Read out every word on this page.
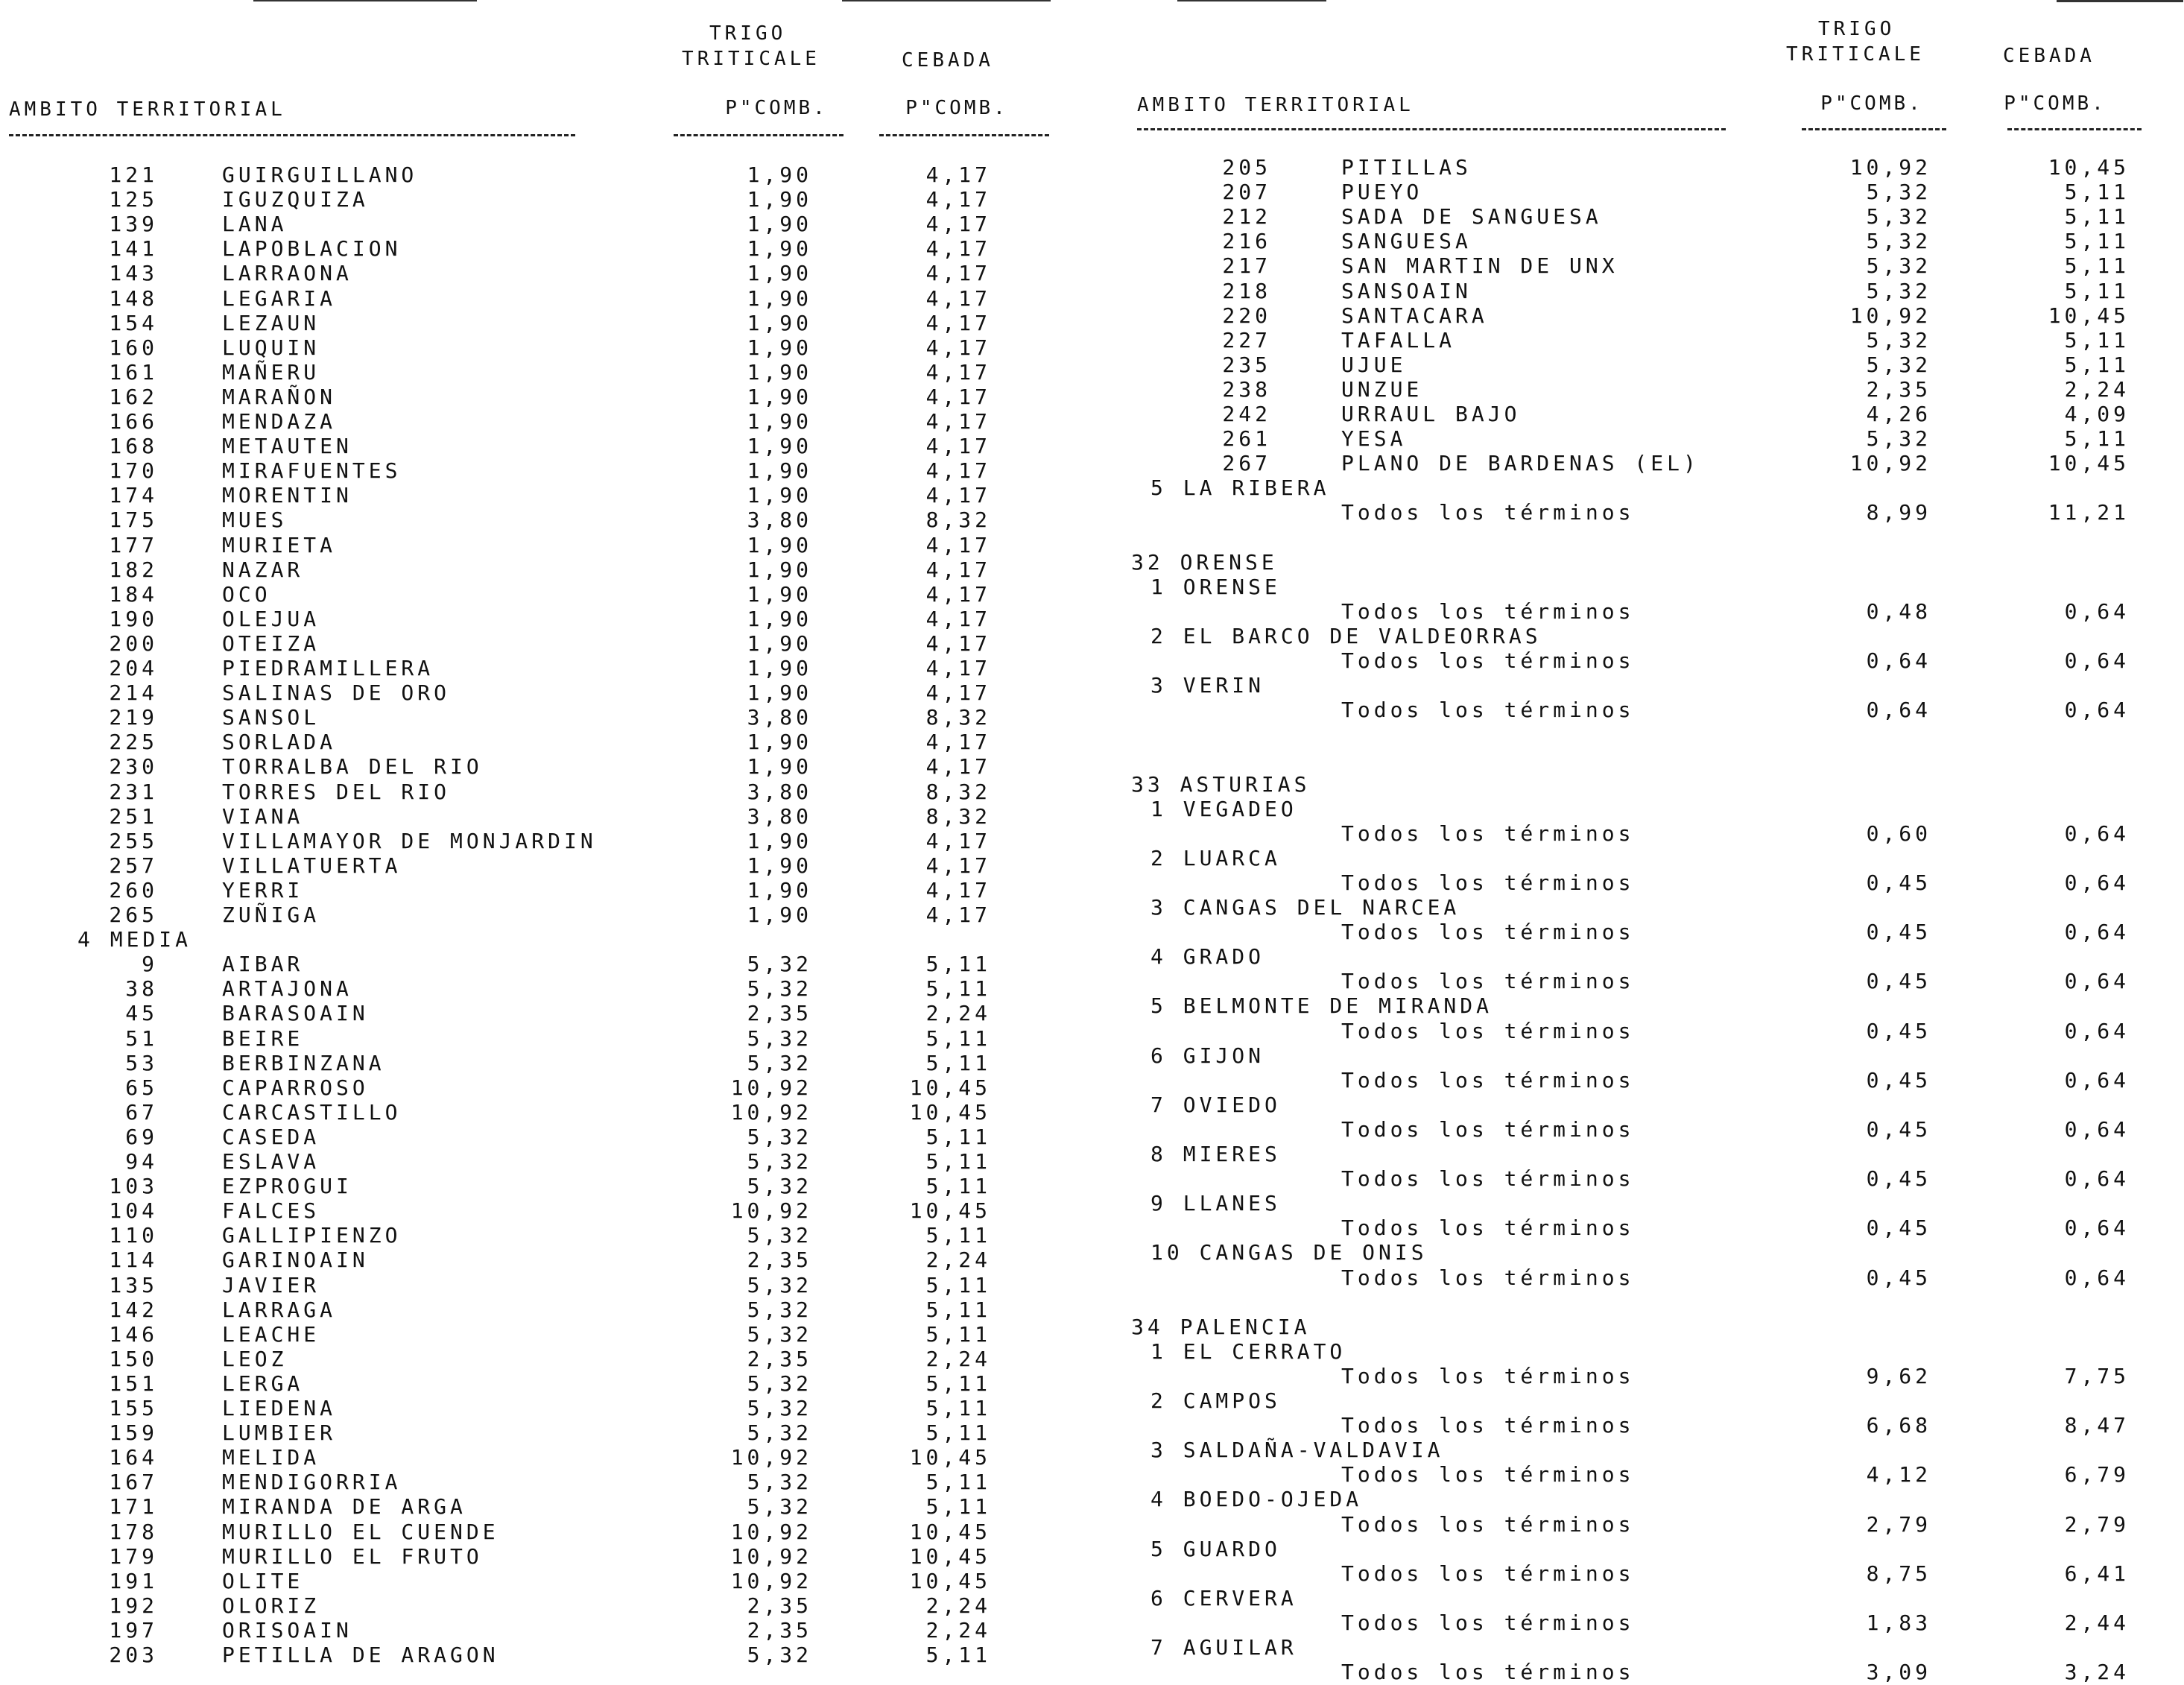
TRIGO
TRITICALE	CEBADA
AMBITO TERRITORIAL	P"COMB.	P"COMB.
121	GUIRGUILLANO	1,90	4,17
125	IGUZQUIZA	1,90	4,17
139	LANA	1,90	4,17
141	LAPOBLACION	1,90	4,17
143	LARRAONA	1,90	4,17
148	LEGARIA	1,90	4,17
154	LEZAUN	1,90	4,17
160	LUQUIN	1,90	4,17
161	MAÑERU	1,90	4,17
162	MARAÑON	1,90	4,17
166	MENDAZA	1,90	4,17
168	METAUTEN	1,90	4,17
170	MIRAFUENTES	1,90	4,17
174	MORENTIN	1,90	4,17
175	MUES	3,80	8,32
177	MURIETA	1,90	4,17
182	NAZAR	1,90	4,17
184	OCO	1,90	4,17
190	OLEJUA	1,90	4,17
200	OTEIZA	1,90	4,17
204	PIEDRAMILLERA	1,90	4,17
214	SALINAS DE ORO	1,90	4,17
219	SANSOL	3,80	8,32
225	SORLADA	1,90	4,17
230	TORRALBA DEL RIO	1,90	4,17
231	TORRES DEL RIO	3,80	8,32
251	VIANA	3,80	8,32
255	VILLAMAYOR DE MONJARDIN	1,90	4,17
257	VILLATUERTA	1,90	4,17
260	YERRI	1,90	4,17
265	ZUÑIGA	1,90	4,17
4 MEDIA
9	AIBAR	5,32	5,11
38	ARTAJONA	5,32	5,11
45	BARASOAIN	2,35	2,24
51	BEIRE	5,32	5,11
53	BERBINZANA	5,32	5,11
65	CAPARROSO	10,92	10,45
67	CARCASTILLO	10,92	10,45
69	CASEDA	5,32	5,11
94	ESLAVA	5,32	5,11
103	EZPROGUI	5,32	5,11
104	FALCES	10,92	10,45
110	GALLIPIENZO	5,32	5,11
114	GARINOAIN	2,35	2,24
135	JAVIER	5,32	5,11
142	LARRAGA	5,32	5,11
146	LEACHE	5,32	5,11
150	LEOZ	2,35	2,24
151	LERGA	5,32	5,11
155	LIEDENA	5,32	5,11
159	LUMBIER	5,32	5,11
164	MELIDA	10,92	10,45
167	MENDIGORRIA	5,32	5,11
171	MIRANDA DE ARGA	5,32	5,11
178	MURILLO EL CUENDE	10,92	10,45
179	MURILLO EL FRUTO	10,92	10,45
191	OLITE	10,92	10,45
192	OLORIZ	2,35	2,24
197	ORISOAIN	2,35	2,24
203	PETILLA DE ARAGON	5,32	5,11
TRIGO
TRITICALE	CEBADA
AMBITO TERRITORIAL	P"COMB.	P"COMB.
205	PITILLAS	10,92	10,45
207	PUEYO	5,32	5,11
212	SADA DE SANGUESA	5,32	5,11
216	SANGUESA	5,32	5,11
217	SAN MARTIN DE UNX	5,32	5,11
218	SANSOAIN	5,32	5,11
220	SANTACARA	10,92	10,45
227	TAFALLA	5,32	5,11
235	UJUE	5,32	5,11
238	UNZUE	2,35	2,24
242	URRAUL BAJO	4,26	4,09
261	YESA	5,32	5,11
267	PLANO DE BARDENAS (EL)	10,92	10,45
5 LA RIBERA
Todos los términos	8,99	11,21
32 ORENSE
1 ORENSE
Todos los términos	0,48	0,64
2 EL BARCO DE VALDEORRAS
Todos los términos	0,64	0,64
3 VERIN
Todos los términos	0,64	0,64
33 ASTURIAS
1 VEGADEO
Todos los términos	0,60	0,64
2 LUARCA
Todos los términos	0,45	0,64
3 CANGAS DEL NARCEA
Todos los términos	0,45	0,64
4 GRADO
Todos los términos	0,45	0,64
5 BELMONTE DE MIRANDA
Todos los términos	0,45	0,64
6 GIJON
Todos los términos	0,45	0,64
7 OVIEDO
Todos los términos	0,45	0,64
8 MIERES
Todos los términos	0,45	0,64
9 LLANES
Todos los términos	0,45	0,64
10 CANGAS DE ONIS
Todos los términos	0,45	0,64
34 PALENCIA
1 EL CERRATO
Todos los términos	9,62	7,75
2 CAMPOS
Todos los términos	6,68	8,47
3 SALDAÑA-VALDAVIA
Todos los términos	4,12	6,79
4 BOEDO-OJEDA
Todos los términos	2,79	2,79
5 GUARDO
Todos los términos	8,75	6,41
6 CERVERA
Todos los términos	1,83	2,44
7 AGUILAR
Todos los términos	3,09	3,24
